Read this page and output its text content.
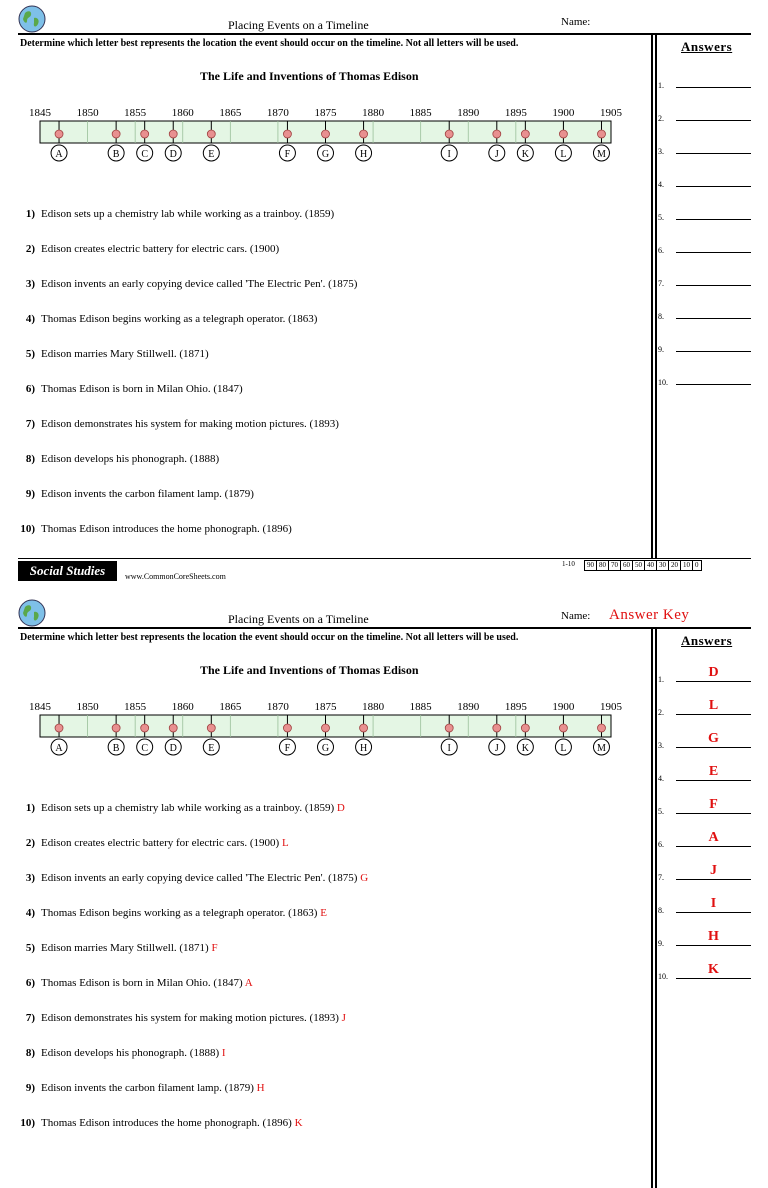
Placing Events on a Timeline	Name:
Determine which letter best represents the location the event should occur on the timeline. Not all letters will be used.
The Life and Inventions of Thomas Edison
Answers
1845 1850 1855 1860 1865 1870 1875 1880 1885 1890 1895 1900 1905
A	B C D	E	F	G	H	I	J K	L	M
Social Studies	www.CommonCoreSheets.com
1-10	90 80 70 60 50 40 30 20 10 0
1.
2.
3.
4.
5.
6.
7.
8.
9.
10.
1) Edison sets up a chemistry lab while working as a trainboy. (1859)
2) Edison creates electric battery for electric cars. (1900)
3) Edison invents an early copying device called 'The Electric Pen'. (1875)
4) Thomas Edison begins working as a telegraph operator. (1863)
5) Edison marries Mary Stillwell. (1871)
6) Thomas Edison is born in Milan Ohio. (1847)
7) Edison demonstrates his system for making motion pictures. (1893)
8) Edison develops his phonograph. (1888)
9) Edison invents the carbon filament lamp. (1879)
10) Thomas Edison introduces the home phonograph. (1896)
Placing Events on a Timeline	Name: Answer Key
Determine which letter best represents the location the event should occur on the timeline. Not all letters will be used.
The Life and Inventions of Thomas Edison
Answers
1845 1850 1855 1860 1865 1870 1875 1880 1885 1890 1895 1900 1905
A	B C D	E	F	G	H	I	J K	L	M
1.	D
2.	L
3.	G
4.	E
5.	F
6.	A
7.	J
8.	I
9.	H
10.	K
1) Edison sets up a chemistry lab while working as a trainboy. (1859) D
2) Edison creates electric battery for electric cars. (1900) L
3) Edison invents an early copying device called 'The Electric Pen'. (1875) G
4) Thomas Edison begins working as a telegraph operator. (1863) E
5) Edison marries Mary Stillwell. (1871) F
6) Thomas Edison is born in Milan Ohio. (1847) A
7) Edison demonstrates his system for making motion pictures. (1893) J
8) Edison develops his phonograph. (1888) I
9) Edison invents the carbon filament lamp. (1879) H
10) Thomas Edison introduces the home phonograph. (1896) K
